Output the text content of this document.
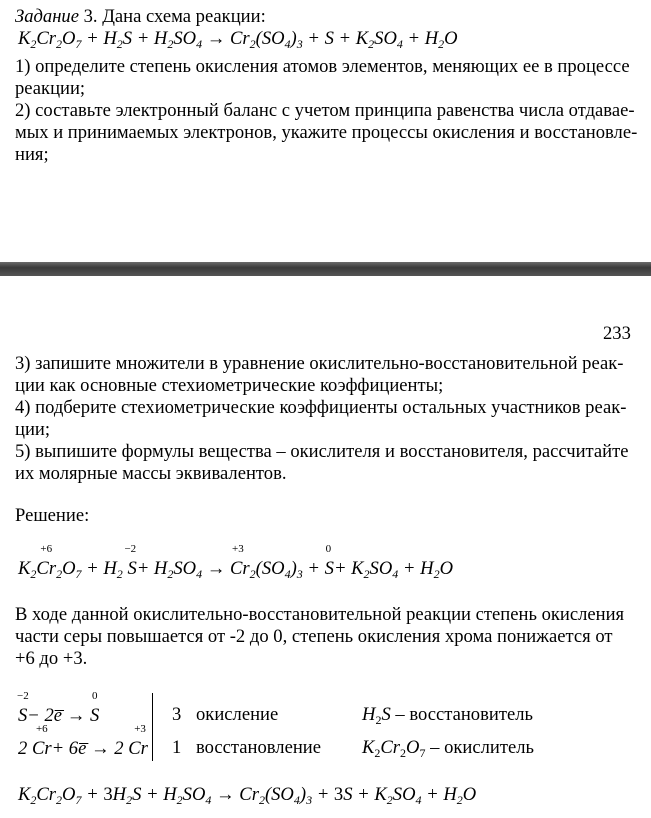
Задание 3. Дана схема реакции:
$K_2Cr_2O_7 + H_2S + H_2SO_4 \to Cr_2(SO_4)_3 + S + K_2SO_4 + H_2O$
1) определите степень окисления атомов элементов, меняющих ее в процессе
реакции;
2) составьте электронный баланс с учетом принципа равенства числа отдавае-
мых и принимаемых электронов, укажите процессы окисления и восстановле-
ния;
233
3) запишите множители в уравнение окислительно-восстановительной реак-
ции как основные стехиометрические коэффициенты;
4) подберите стехиометрические коэффициенты остальных участников реак-
ции;
5) выпишите формулы вещества – окислителя и восстановителя, рассчитайте
их молярные массы эквивалентов.
Решение:
$K_2C$
+6
$r_2O_7 + H_2$ S
−2
+ $H_2SO_4 \to C$
+3
$r_2(SO_4)_3 + S$
0
+ $K_2SO_4 + H_2O$
В ходе данной окислительно-восстановительной реакции степень окисления
части серы повышается от -2 до 0, степень окисления хрома понижается от
+6 до +3.
S
−2
− 2e̅ → S
0
2 C
+6
r+ 6e̅ → 2 C
+3
r
3 окисление	$H_2S$ – восстановитель
1 восстановление $K_2Cr_2O_7$ – окислитель
$K_2Cr_2O_7 + 3H_2S + H_2SO_4 \to Cr_2(SO_4)_3 + 3S + K_2SO_4 + H_2O$
